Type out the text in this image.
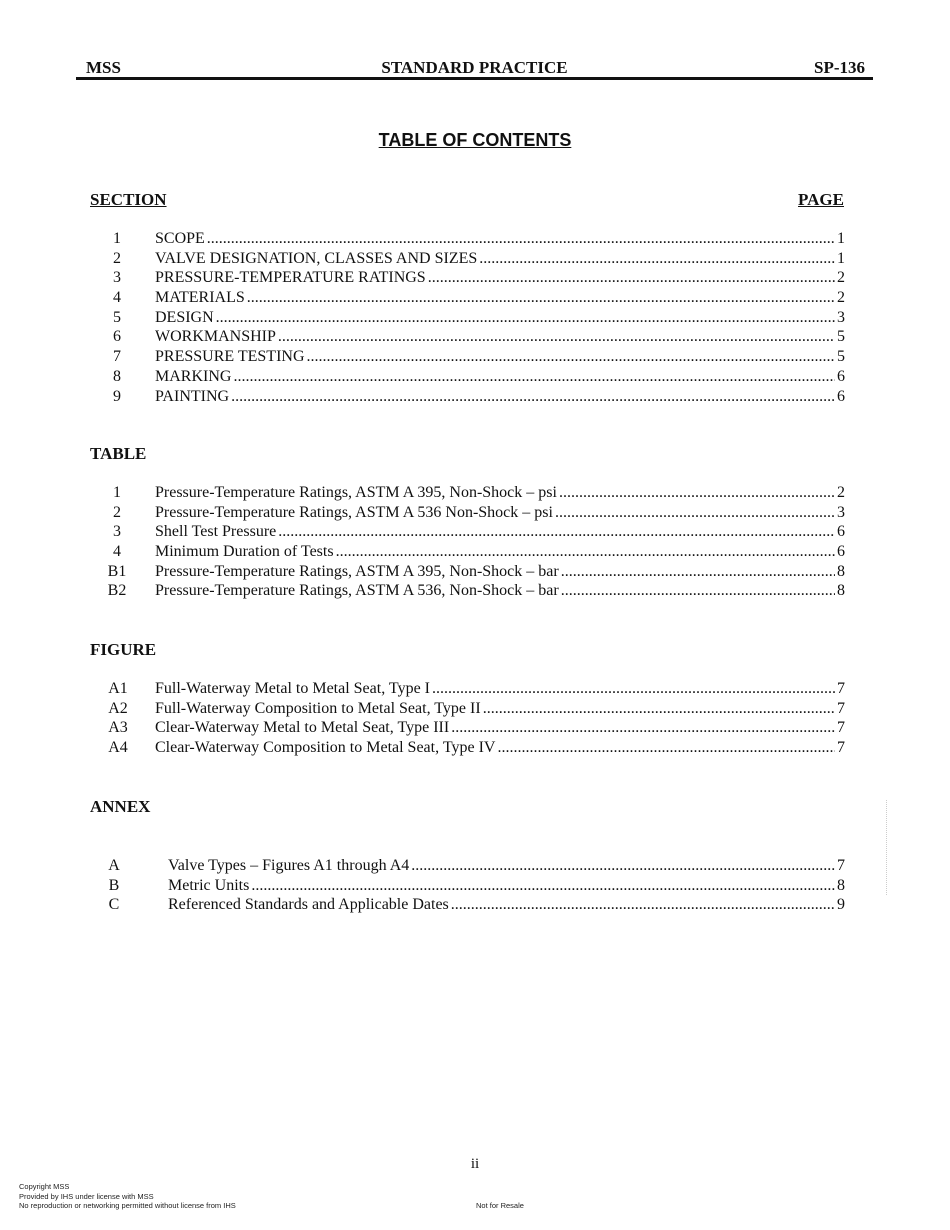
MSS	STANDARD PRACTICE	SP-136
TABLE OF CONTENTS
SECTION	PAGE
1	SCOPE .....	1
2	VALVE DESIGNATION, CLASSES AND SIZES .....	1
3	PRESSURE-TEMPERATURE RATINGS .....	2
4	MATERIALS .....	2
5	DESIGN .....	3
6	WORKMANSHIP .....	5
7	PRESSURE TESTING .....	5
8	MARKING .....	6
9	PAINTING .....	6
TABLE
1	Pressure-Temperature Ratings, ASTM A 395, Non-Shock – psi .....	2
2	Pressure-Temperature Ratings, ASTM A 536 Non-Shock – psi .....	3
3	Shell Test Pressure .....	6
4	Minimum Duration of Tests .....	6
B1	Pressure-Temperature Ratings, ASTM A 395, Non-Shock – bar .....	8
B2	Pressure-Temperature Ratings, ASTM A 536, Non-Shock – bar .....	8
FIGURE
A1	Full-Waterway Metal to Metal Seat, Type I .....	7
A2	Full-Waterway Composition to Metal Seat, Type II .....	7
A3	Clear-Waterway Metal to Metal Seat, Type III .....	7
A4	Clear-Waterway Composition to Metal Seat, Type IV .....	7
ANNEX
A	Valve Types – Figures A1 through A4 .....	7
B	Metric Units .....	8
C	Referenced Standards and Applicable Dates .....	9
ii
Copyright MSS
Provided by IHS under license with MSS
No reproduction or networking permitted without license from IHS	Not for Resale
